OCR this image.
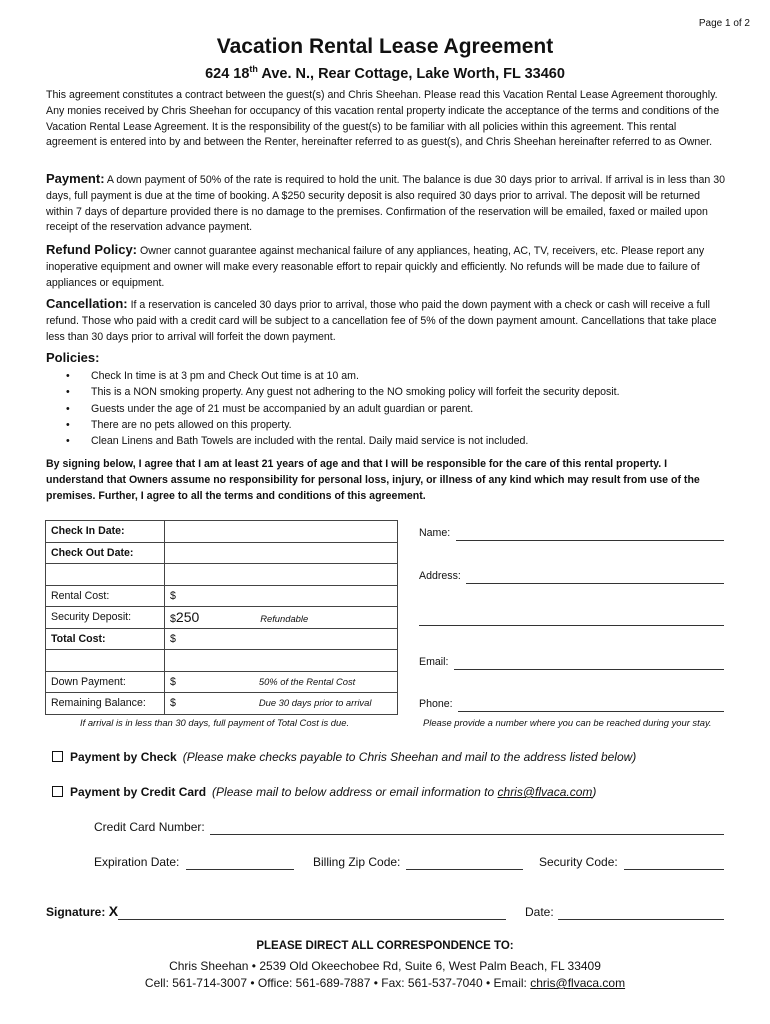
Page 1 of 2
Vacation Rental Lease Agreement
624 18th Ave. N., Rear Cottage, Lake Worth, FL 33460
This agreement constitutes a contract between the guest(s) and Chris Sheehan. Please read this Vacation Rental Lease Agreement thoroughly. Any monies received by Chris Sheehan for occupancy of this vacation rental property indicate the acceptance of the terms and conditions of the Vacation Rental Lease Agreement. It is the responsibility of the guest(s) to be familiar with all policies within this agreement. This rental agreement is entered into by and between the Renter, hereinafter referred to as guest(s), and Chris Sheehan hereinafter referred to as Owner.
Payment: A down payment of 50% of the rate is required to hold the unit. The balance is due 30 days prior to arrival. If arrival is in less than 30 days, full payment is due at the time of booking. A $250 security deposit is also required 30 days prior to arrival. The deposit will be returned within 7 days of departure provided there is no damage to the premises. Confirmation of the reservation will be emailed, faxed or mailed upon receipt of the reservation advance payment.
Refund Policy: Owner cannot guarantee against mechanical failure of any appliances, heating, AC, TV, receivers, etc. Please report any inoperative equipment and owner will make every reasonable effort to repair quickly and efficiently. No refunds will be made due to failure of appliances or equipment.
Cancellation: If a reservation is canceled 30 days prior to arrival, those who paid the down payment with a check or cash will receive a full refund. Those who paid with a credit card will be subject to a cancellation fee of 5% of the down payment amount. Cancellations that take place less than 30 days prior to arrival will forfeit the down payment.
Policies:
• Check In time is at 3 pm and Check Out time is at 10 am.
• This is a NON smoking property. Any guest not adhering to the NO smoking policy will forfeit the security deposit.
• Guests under the age of 21 must be accompanied by an adult guardian or parent.
• There are no pets allowed on this property.
• Clean Linens and Bath Towels are included with the rental. Daily maid service is not included.
By signing below, I agree that I am at least 21 years of age and that I will be responsible for the care of this rental property. I understand that Owners assume no responsibility for personal loss, injury, or illness of any kind which may result from use of the premises. Further, I agree to all the terms and conditions of this agreement.
Check In Date:	
Check Out Date:	

Rental Cost:	$
Security Deposit:	$250 Refundable
Total Cost:	$

Down Payment:	$ 50% of the Rental Cost
Remaining Balance:	$ Due 30 days prior to arrival
If arrival is in less than 30 days, full payment of Total Cost is due.
Name:
Address:
Email:
Phone:
Please provide a number where you can be reached during your stay.
Payment by Check (Please make checks payable to Chris Sheehan and mail to the address listed below)
Payment by Credit Card (Please mail to below address or email information to chris@flvaca.com)
Credit Card Number:
Expiration Date:	Billing Zip Code:	Security Code:
Signature: X	Date:
PLEASE DIRECT ALL CORRESPONDENCE TO:
Chris Sheehan • 2539 Old Okeechobee Rd, Suite 6, West Palm Beach, FL 33409
Cell: 561-714-3007 • Office: 561-689-7887 • Fax: 561-537-7040 • Email: chris@flvaca.com
